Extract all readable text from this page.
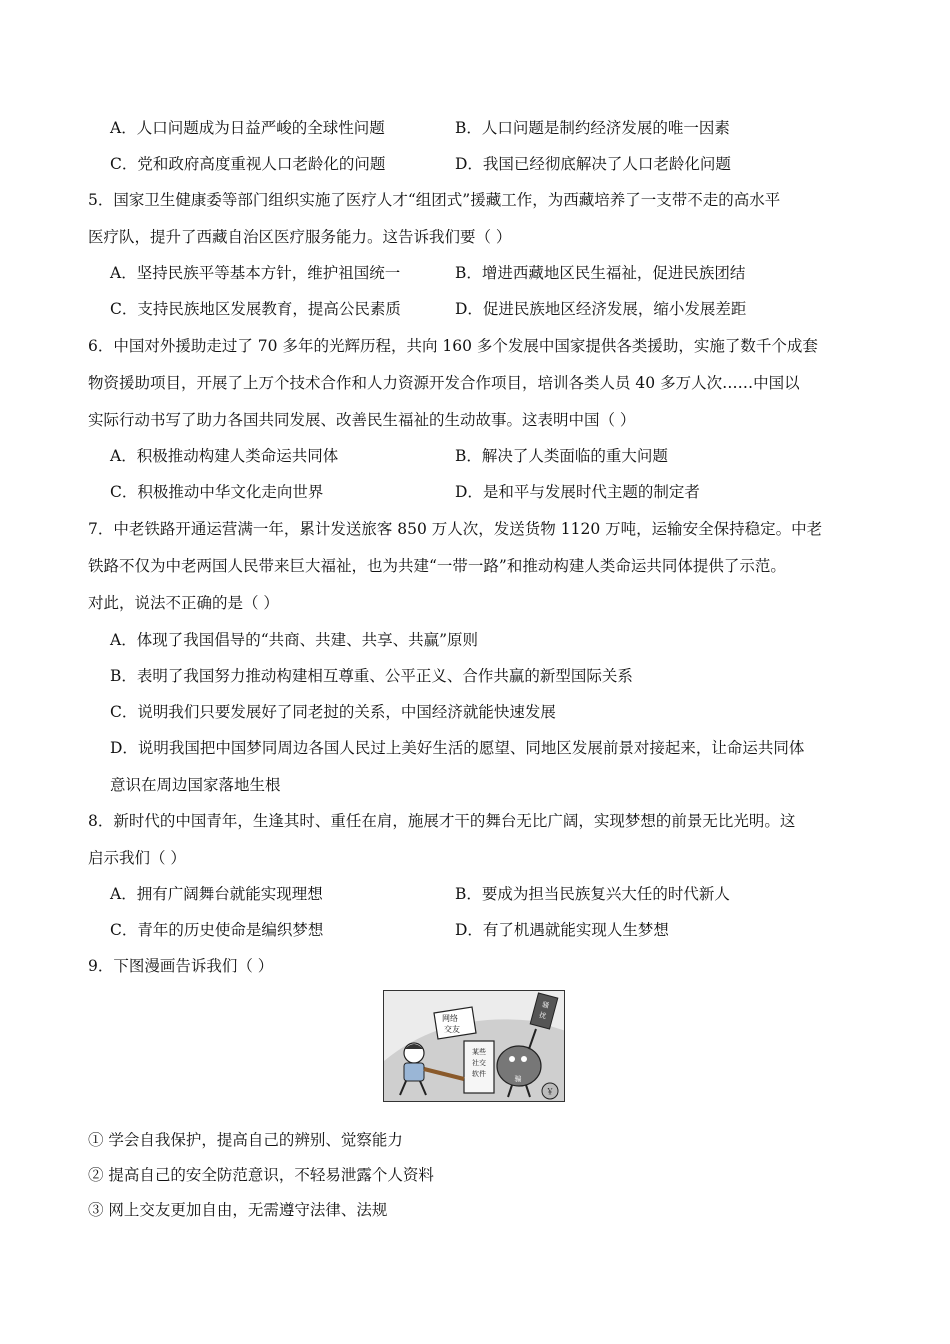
A．人口问题成为日益严峻的全球性问题	B．人口问题是制约经济发展的唯一因素
C．党和政府高度重视人口老龄化的问题	D．我国已经彻底解决了人口老龄化问题
5．国家卫生健康委等部门组织实施了医疗人才“组团式”援藏工作，为西藏培养了一支带不走的高水平
医疗队，提升了西藏自治区医疗服务能力。这告诉我们要（ ）
A．坚持民族平等基本方针，维护祖国统一	B．增进西藏地区民生福祉，促进民族团结
C．支持民族地区发展教育，提高公民素质	D．促进民族地区经济发展，缩小发展差距
6．中国对外援助走过了 70 多年的光辉历程，共向 160 多个发展中国家提供各类援助，实施了数千个成套
物资援助项目，开展了上万个技术合作和人力资源开发合作项目，培训各类人员 40 多万人次……中国以
实际行动书写了助力各国共同发展、改善民生福祉的生动故事。这表明中国（ ）
A．积极推动构建人类命运共同体	B．解决了人类面临的重大问题
C．积极推动中华文化走向世界	D．是和平与发展时代主题的制定者
7．中老铁路开通运营满一年，累计发送旅客 850 万人次，发送货物 1120 万吨，运输安全保持稳定。中老
铁路不仅为中老两国人民带来巨大福祉，也为共建“一带一路”和推动构建人类命运共同体提供了示范。
对此，说法不正确的是（ ）
A．体现了我国倡导的“共商、共建、共享、共赢”原则
B．表明了我国努力推动构建相互尊重、公平正义、合作共赢的新型国际关系
C．说明我们只要发展好了同老挝的关系，中国经济就能快速发展
D．说明我国把中国梦同周边各国人民过上美好生活的愿望、同地区发展前景对接起来，让命运共同体
意识在周边国家落地生根
8．新时代的中国青年，生逢其时、重任在肩，施展才干的舞台无比广阔，实现梦想的前景无比光明。这
启示我们（ ）
A．拥有广阔舞台就能实现理想	B．要成为担当民族复兴大任的时代新人
C．青年的历史使命是编织梦想	D．有了机遇就能实现人生梦想
9．下图漫画告诉我们（ ）
网络
交友
某些
社交
软件
骗
骚
扰
￥
① 学会自我保护，提高自己的辨别、觉察能力
② 提高自己的安全防范意识，不轻易泄露个人资料
③ 网上交友更加自由，无需遵守法律、法规
